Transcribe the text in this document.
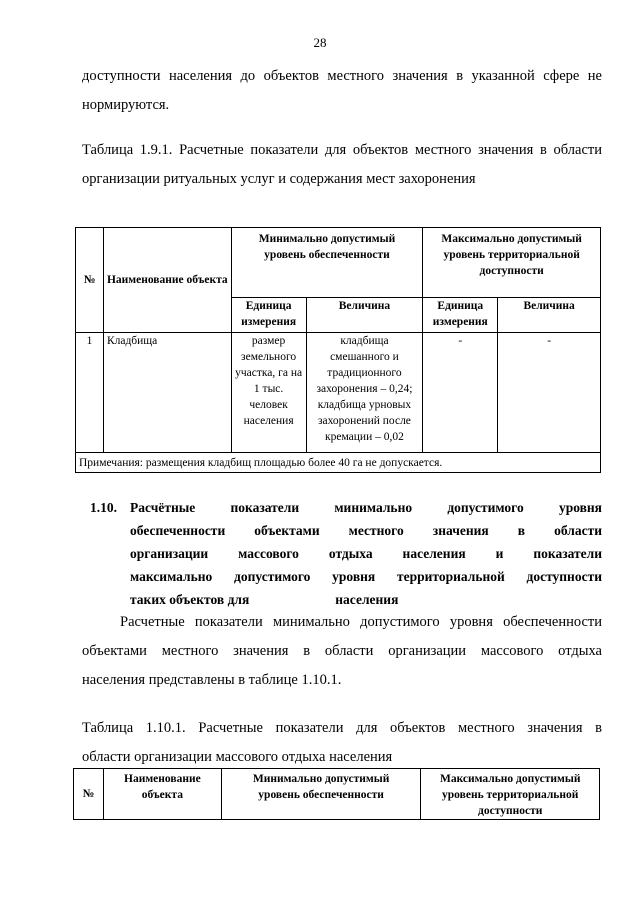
28
доступности населения до объектов местного значения в указанной сфере не
нормируются.
Таблица 1.9.1. Расчетные показатели для объектов местного значения в области
организации ритуальных услуг и содержания мест захоронения
№	Наименование объекта	Минимально допустимый уровень обеспеченности		Максимально допустимый уровень территориальной доступности	
		Единица измерения	Величина	Единица измерения	Величина
1	Кладбища	размер земельного участка, га на 1 тыс. человек населения	кладбища смешанного и традиционного захоронения – 0,24; кладбища урновых захоронений после кремации – 0,02	-	-
Примечания: размещения кладбищ площадью более 40 га не допускается.					
1.10. Расчётные показатели минимально допустимого уровня
обеспеченности объектами местного значения в области
организации массового отдыха населения и показатели
максимально допустимого уровня территориальной доступности
таких объектов для	населения
Расчетные показатели минимально допустимого уровня обеспеченности
объектами местного значения в области организации массового отдыха
населения представлены в таблице 1.10.1.
Таблица 1.10.1. Расчетные показатели для объектов местного значения в
области организации массового отдыха населения
№	Наименование объекта	Минимально допустимый уровень обеспеченности	Максимально допустимый уровень территориальной доступности
